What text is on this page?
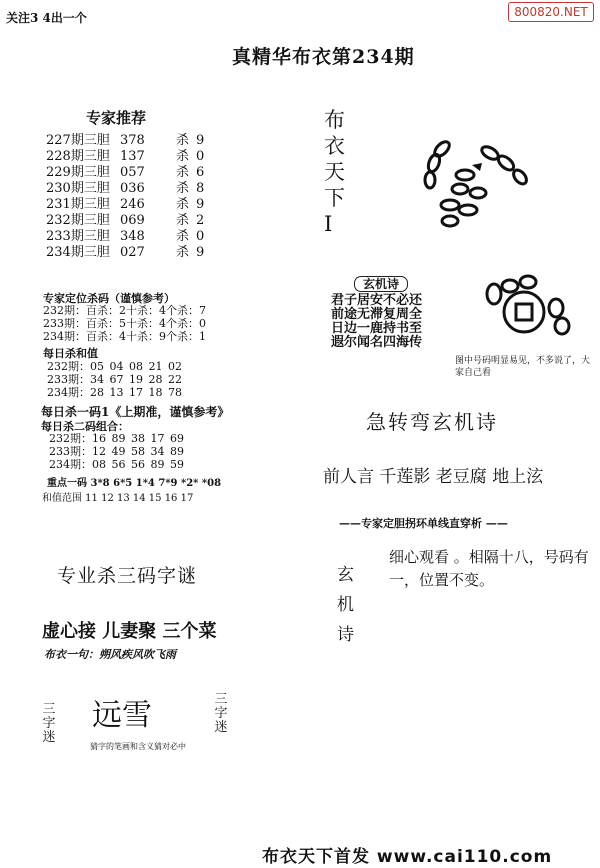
关注3 4出一个	800820.NET
真精华布衣第234期
专家推荐
227期三胆 378 杀 9
228期三胆 137 杀 0
229期三胆 057 杀 6
230期三胆 036 杀 8
231期三胆 246 杀 9
232期三胆 069 杀 2
233期三胆 348 杀 0
234期三胆 027 杀 9
专家定位杀码（谨慎参考）
232期：百杀：2十杀：4个杀：7
233期：百杀：5十杀：4个杀：0
234期：百杀：4十杀：9个杀：1
每日杀和值
232期：05 04 08 21 02
233期：34 67 19 28 22
234期：28 13 17 18 78
每日杀一码1《上期准，谨慎参考》
每日杀二码组合：
232期：16 89 38 17 69
233期：12 49 58 34 89
234期：08 56 56 89 59
重点一码 3*8 6*5 1*4 7*9 *2* *08
和值范围 11 12 13 14 15 16 17
专业杀三码字谜
虚心接 儿妻聚 三个菜
布衣一句：朔风疾风吹飞雨
三字迷
远雪	三字迷
猜字的笔画和含义猜对必中
布衣天下I
玄机诗
君子居安不必还
前途无滞复周全
日边一鹿持书至
遐尔闻名四海传
图中号码明显易见，不多说了，大家自己看
急转弯玄机诗
前人言 千莲影 老豆腐 地上泫
——专家定胆拐环单线直穿析 ——
玄机诗
细心观看 。相隔十八，号码有一，位置不变。
布衣天下首发 www.cai110.com
